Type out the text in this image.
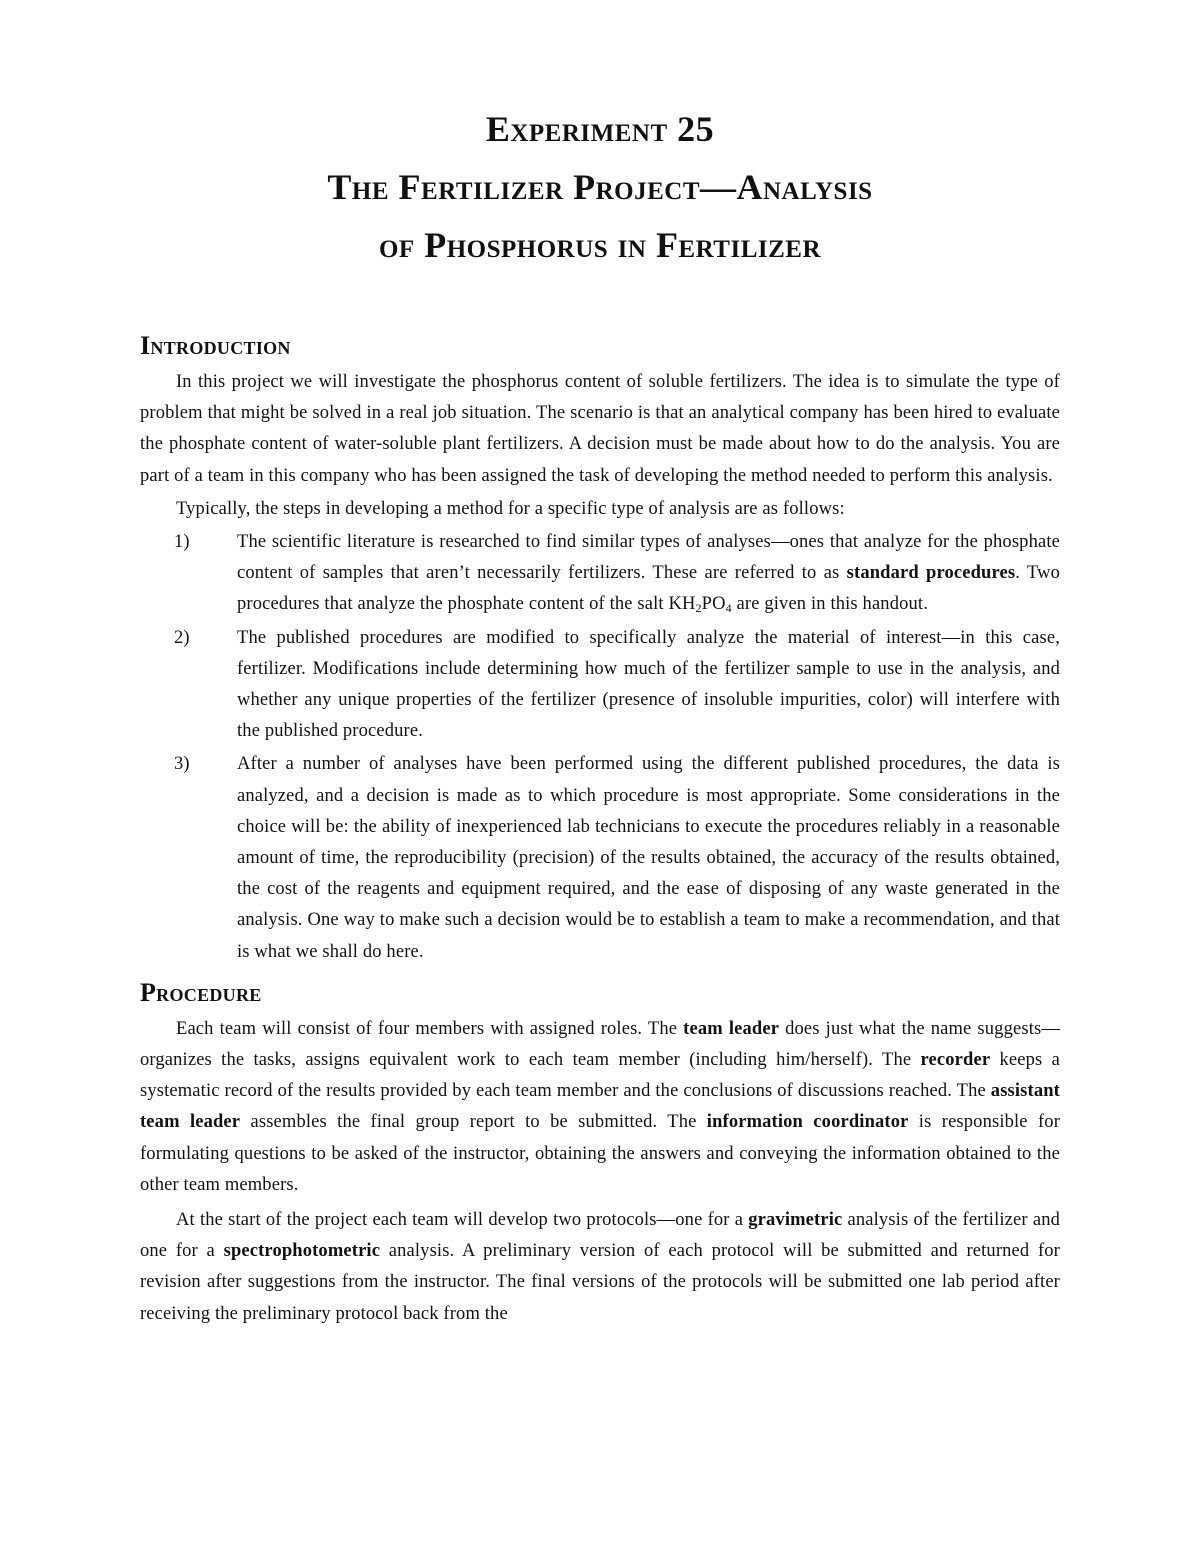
Experiment 25
The Fertilizer Project—Analysis
of Phosphorus in Fertilizer
Introduction

In this project we will investigate the phosphorus content of soluble fertilizers. The idea is to simulate the type of problem that might be solved in a real job situation. The scenario is that an analytical company has been hired to evaluate the phosphate content of water-soluble plant fertilizers. A decision must be made about how to do the analysis. You are part of a team in this company who has been assigned the task of developing the method needed to perform this analysis.

Typically, the steps in developing a method for a specific type of analysis are as follows:

1)	The scientific literature is researched to find similar types of analyses—ones that analyze for the phosphate content of samples that aren’t necessarily fertilizers. These are referred to as standard procedures. Two procedures that analyze the phosphate content of the salt $KH_2PO_4$ are given in this handout.
2)	The published procedures are modified to specifically analyze the material of interest—in this case, fertilizer. Modifications include determining how much of the fertilizer sample to use in the analysis, and whether any unique properties of the fertilizer (presence of insoluble impurities, color) will interfere with the published procedure.
3)	After a number of analyses have been performed using the different published procedures, the data is analyzed, and a decision is made as to which procedure is most appropriate. Some considerations in the choice will be: the ability of inexperienced lab technicians to execute the procedures reliably in a reasonable amount of time, the reproducibility (precision) of the results obtained, the accuracy of the results obtained, the cost of the reagents and equipment required, and the ease of disposing of any waste generated in the analysis. One way to make such a decision would be to establish a team to make a recommendation, and that is what we shall do here.
Procedure

Each team will consist of four members with assigned roles. The team leader does just what the name suggests—organizes the tasks, assigns equivalent work to each team member (including him/herself). The recorder keeps a systematic record of the results provided by each team member and the conclusions of discussions reached. The assistant team leader assembles the final group report to be submitted. The information coordinator is responsible for formulating questions to be asked of the instructor, obtaining the answers and conveying the information obtained to the other team members.

At the start of the project each team will develop two protocols—one for a gravimetric analysis of the fertilizer and one for a spectrophotometric analysis. A preliminary version of each protocol will be submitted and returned for revision after suggestions from the instructor. The final versions of the protocols will be submitted one lab period after receiving the preliminary protocol back from the
